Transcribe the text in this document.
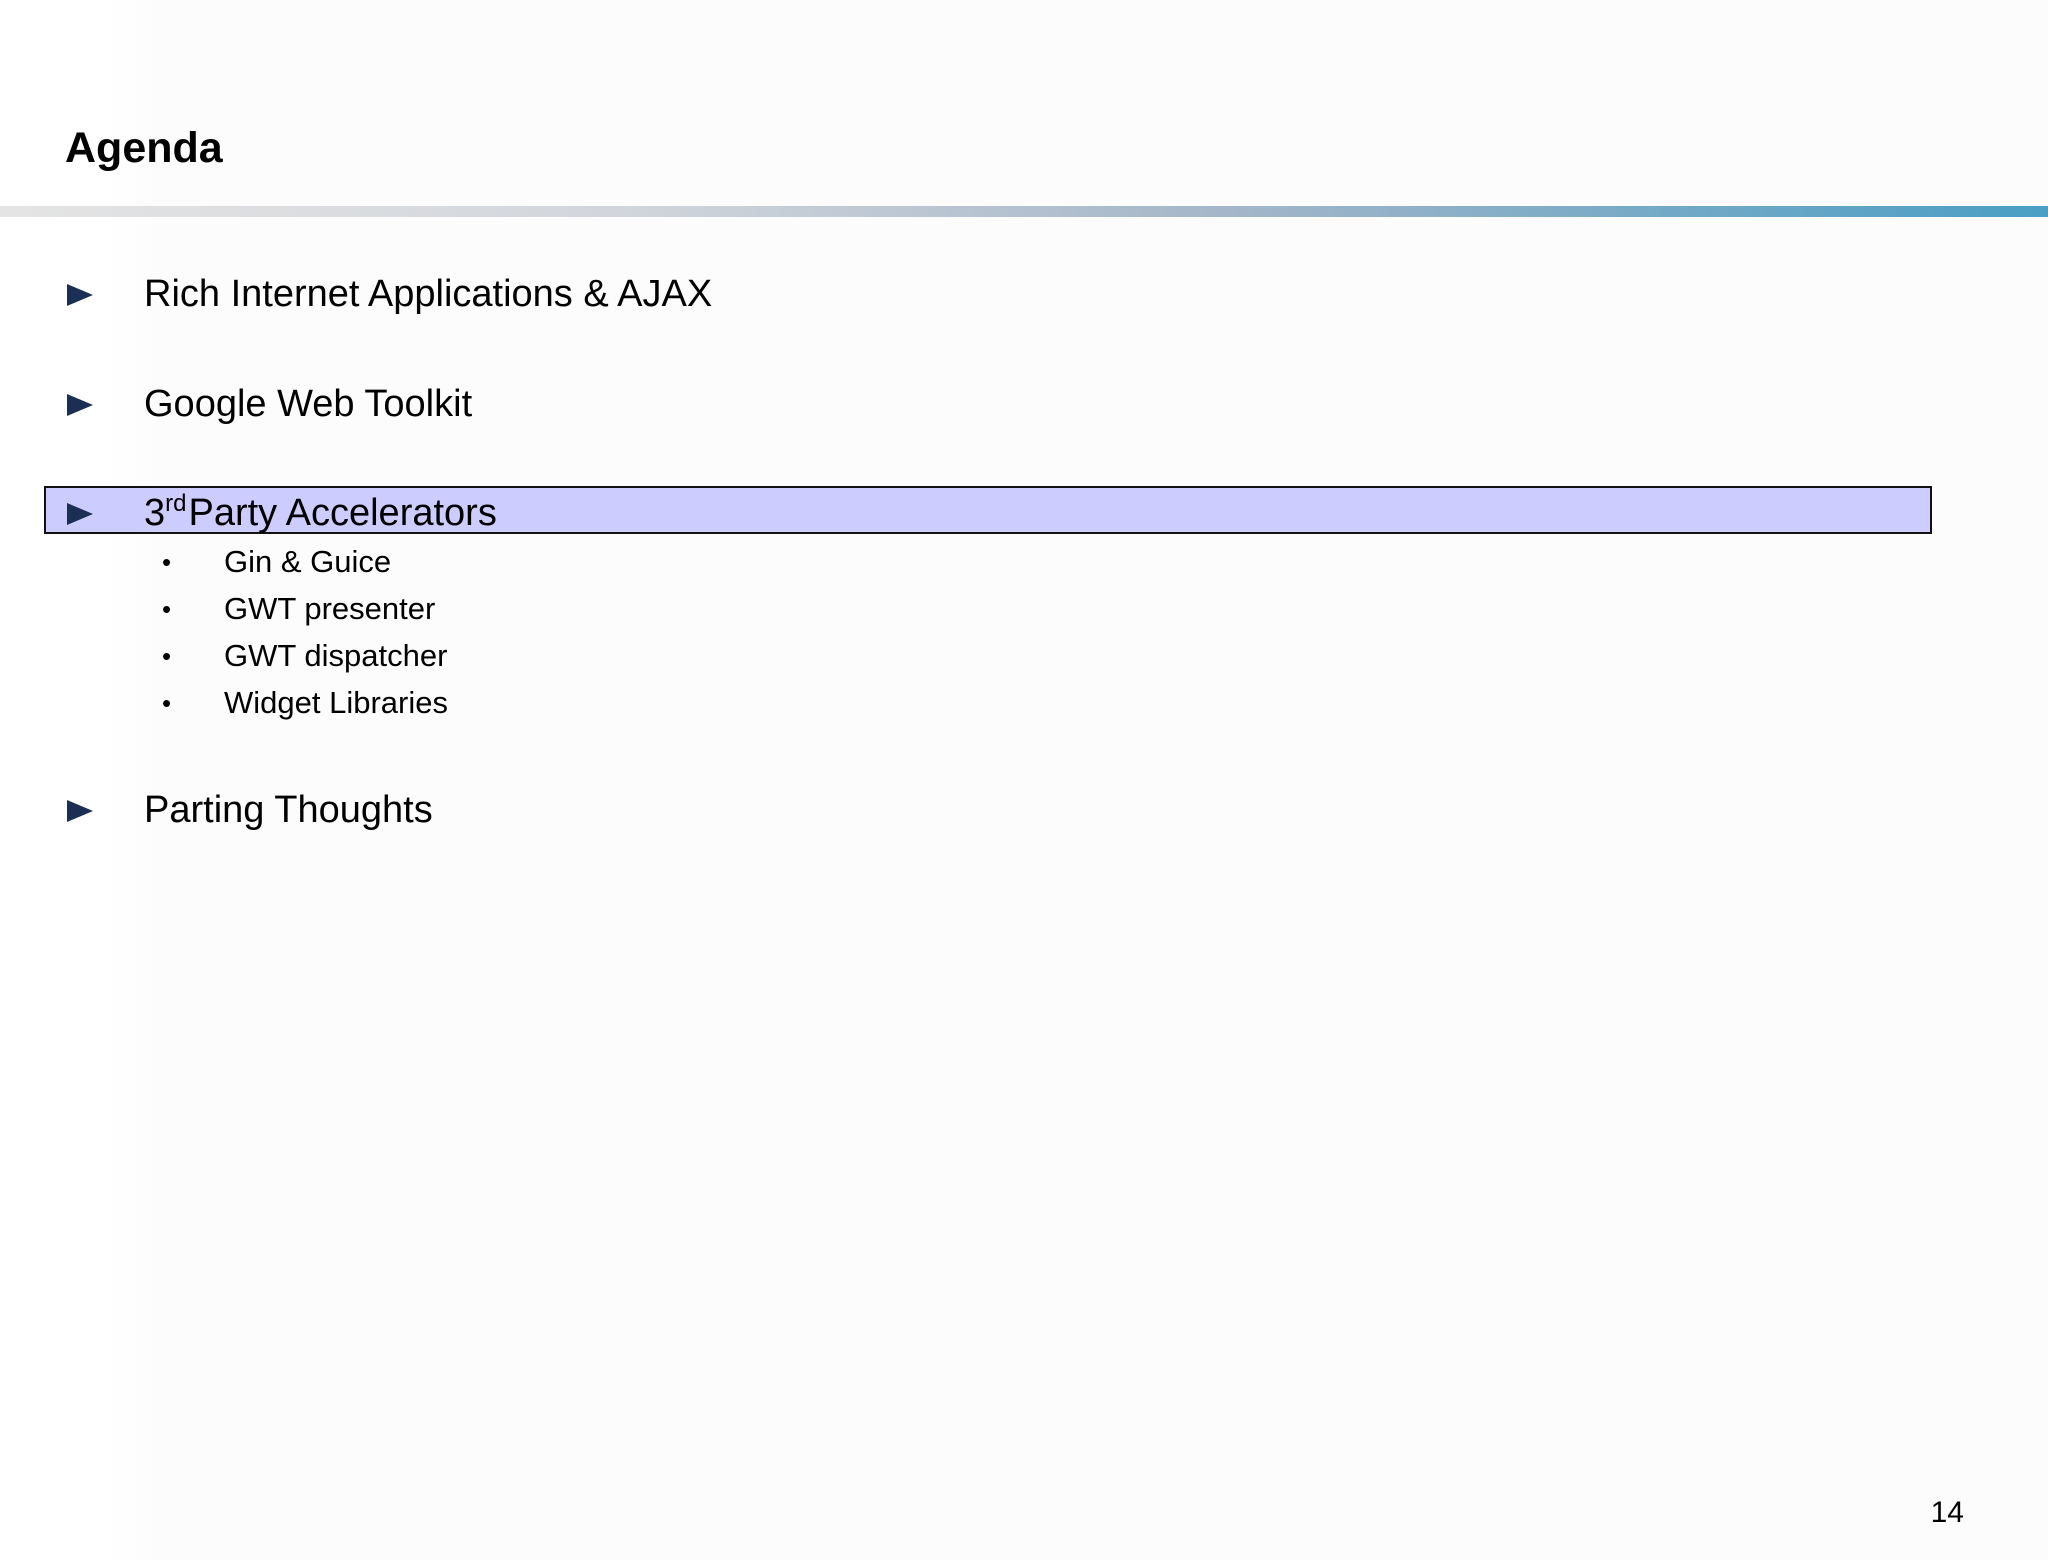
Agenda
Rich Internet Applications & AJAX
Google Web Toolkit
3rdParty Accelerators
• Gin & Guice
• GWT presenter
• GWT dispatcher
• Widget Libraries
Parting Thoughts
14
